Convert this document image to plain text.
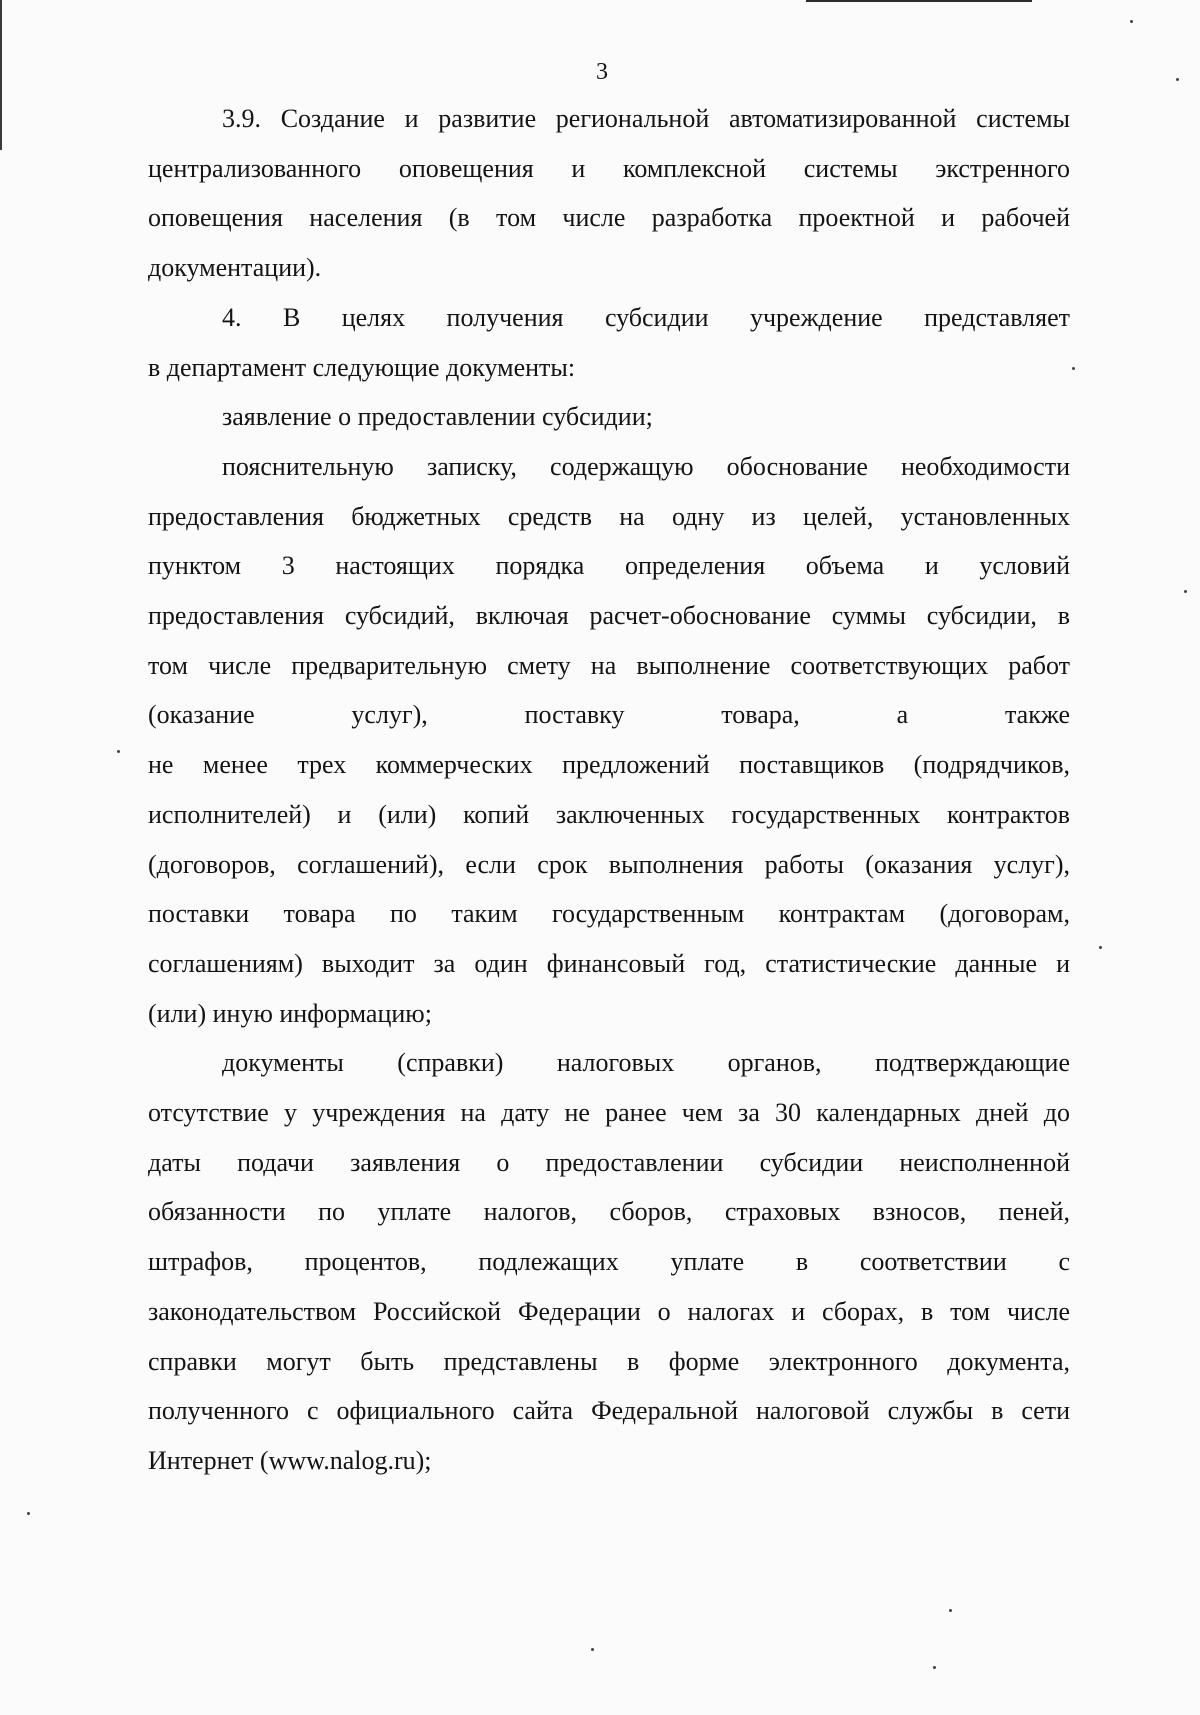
3

3.9. Создание и развитие региональной автоматизированной системы
централизованного оповещения и комплексной системы экстренного
оповещения населения (в том числе разработка проектной и рабочей
документации).

4. В целях получения субсидии учреждение представляет
в департамент следующие документы:

заявление о предоставлении субсидии;

пояснительную записку, содержащую обоснование необходимости
предоставления бюджетных средств на одну из целей, установленных
пунктом 3 настоящих порядка определения объема и условий
предоставления субсидий, включая расчет-обоснование суммы субсидии, в
том числе предварительную смету на выполнение соответствующих работ
(оказание услуг), поставку товара, а также
не менее трех коммерческих предложений поставщиков (подрядчиков,
исполнителей) и (или) копий заключенных государственных контрактов
(договоров, соглашений), если срок выполнения работы (оказания услуг),
поставки товара по таким государственным контрактам (договорам,
соглашениям) выходит за один финансовый год, статистические данные и
(или) иную информацию;

документы (справки) налоговых органов, подтверждающие
отсутствие у учреждения на дату не ранее чем за 30 календарных дней до
даты подачи заявления о предоставлении субсидии неисполненной
обязанности по уплате налогов, сборов, страховых взносов, пеней,
штрафов, процентов, подлежащих уплате в соответствии с
законодательством Российской Федерации о налогах и сборах, в том числе
справки могут быть представлены в форме электронного документа,
полученного с официального сайта Федеральной налоговой службы в сети
Интернет (www.nalog.ru);
